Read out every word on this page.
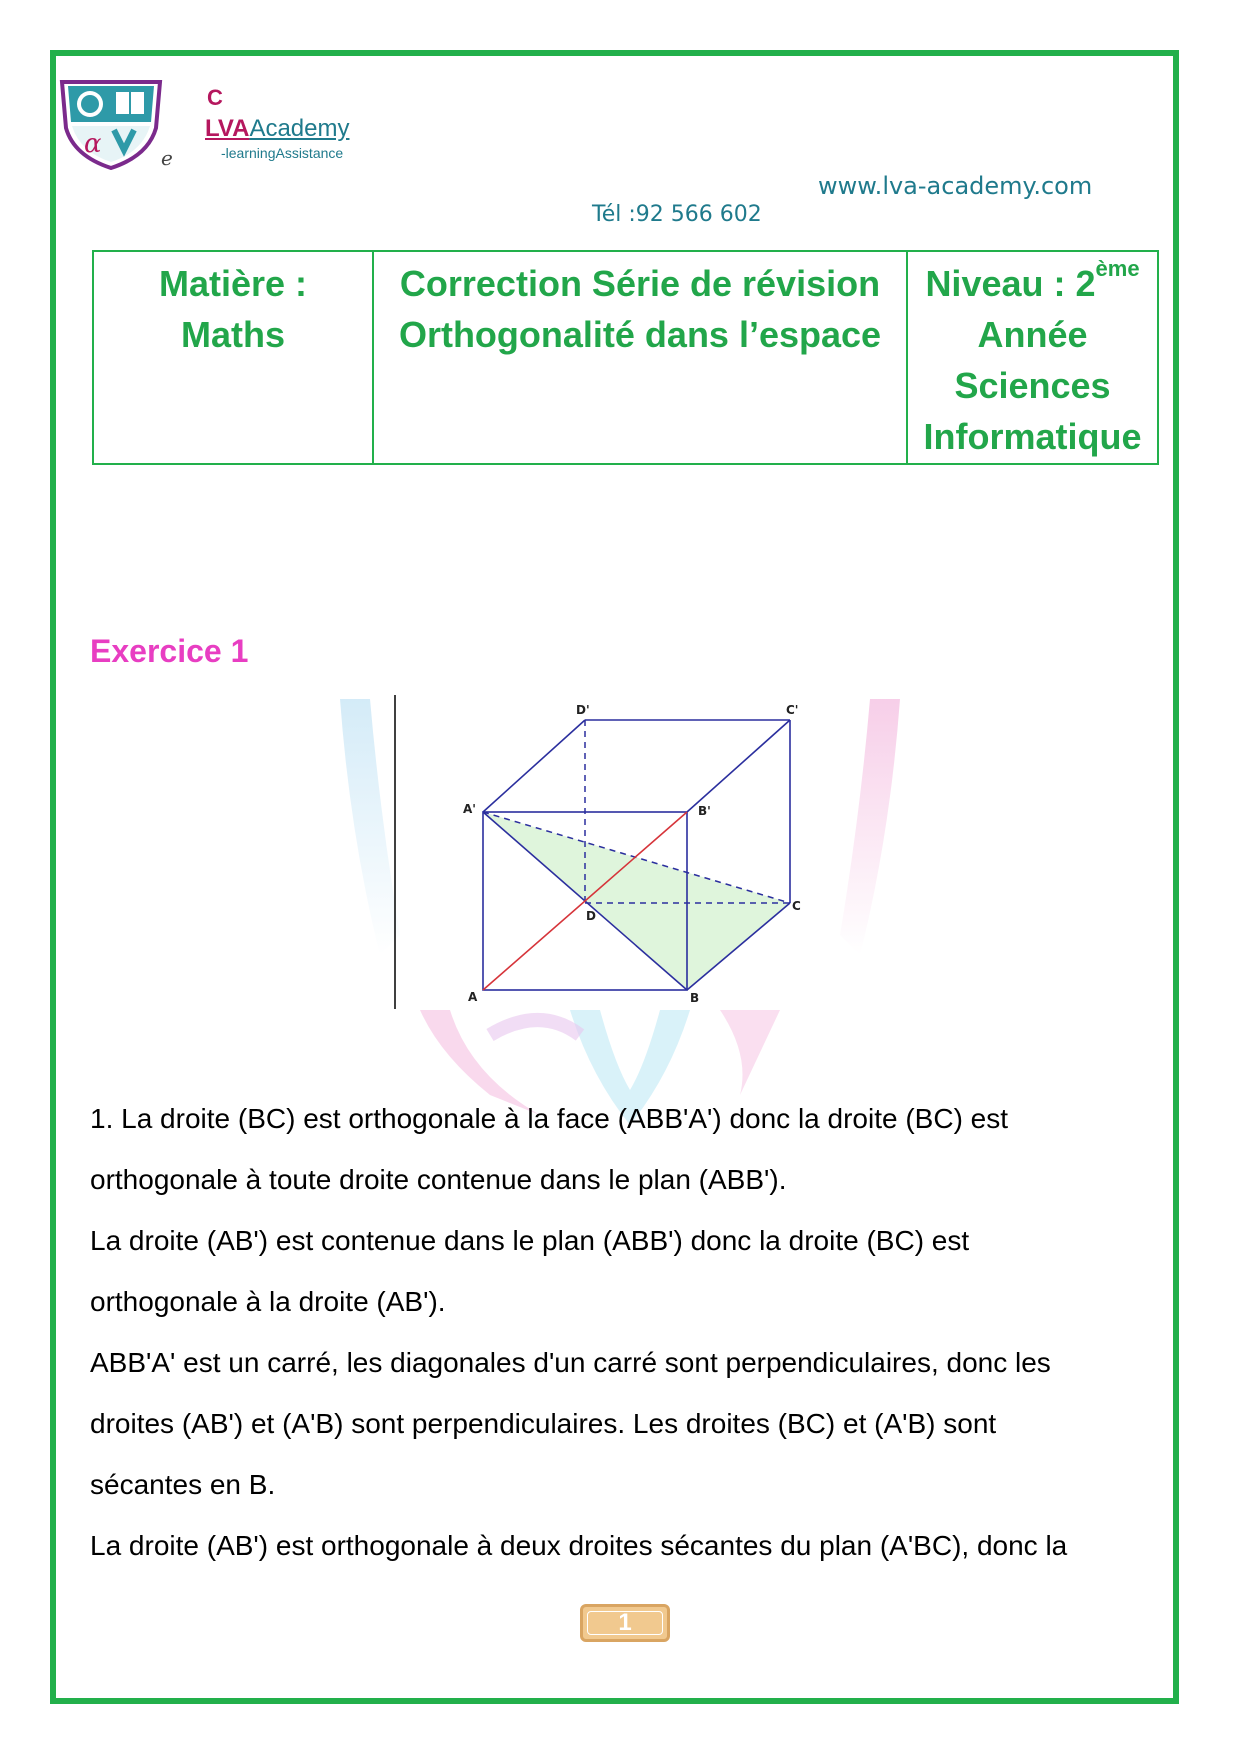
α
C
LVAAcademy
-learningAssistance
e
www.lva-academy.com
Tél :92 566 602
Matière :
Maths

Correction Série de révision
Orthogonalité dans l’espace

Niveau : 2ème
Année
Sciences
Informatique
Exercice 1
D'	C'
A'	B'
D
C
A	B

1. La droite (BC) est orthogonale à la face (ABB'A') donc la droite (BC) est

orthogonale à toute droite contenue dans le plan (ABB').

La droite (AB') est contenue dans le plan (ABB') donc la droite (BC) est

orthogonale à la droite (AB').

ABB'A' est un carré, les diagonales d'un carré sont perpendiculaires, donc les

droites (AB') et (A'B) sont perpendiculaires. Les droites (BC) et (A'B) sont

sécantes en B.

La droite (AB') est orthogonale à deux droites sécantes du plan (A'BC), donc la

1
